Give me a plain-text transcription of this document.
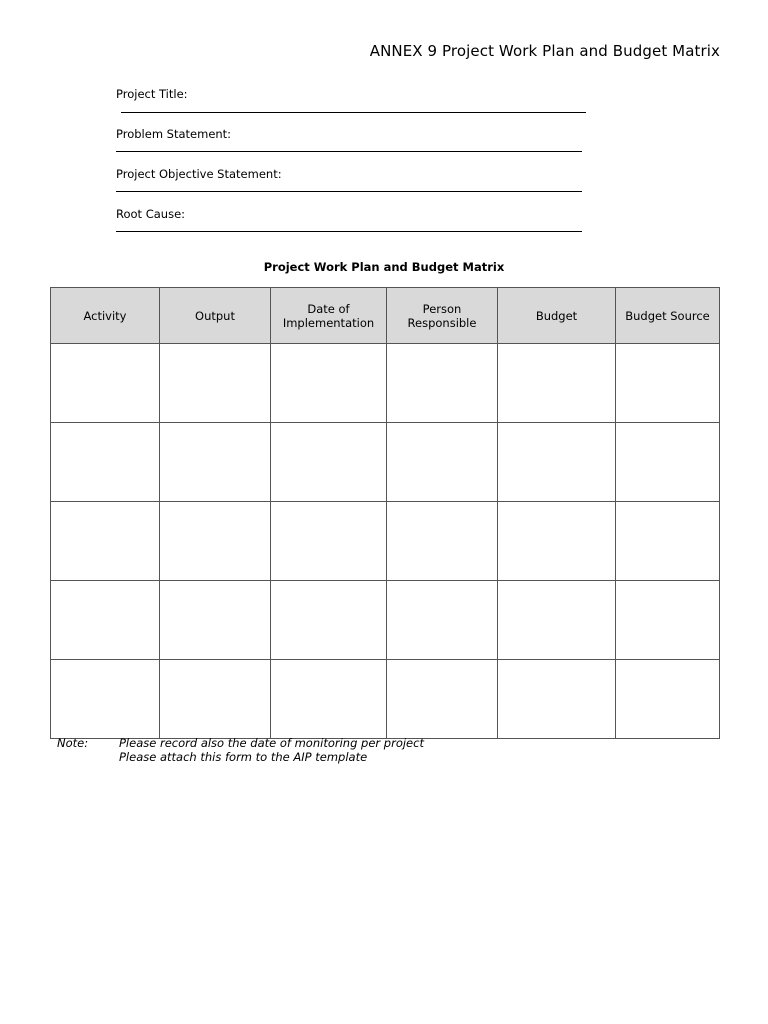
ANNEX 9 Project Work Plan and Budget Matrix
Project Title:
Problem Statement:
Project Objective Statement:
Root Cause:
Project Work Plan and Budget Matrix
Activity	Output	Date of Implementation	Person Responsible	Budget	Budget Source

Note:	Please record also the date of monitoring per project
Please attach this form to the AIP template
